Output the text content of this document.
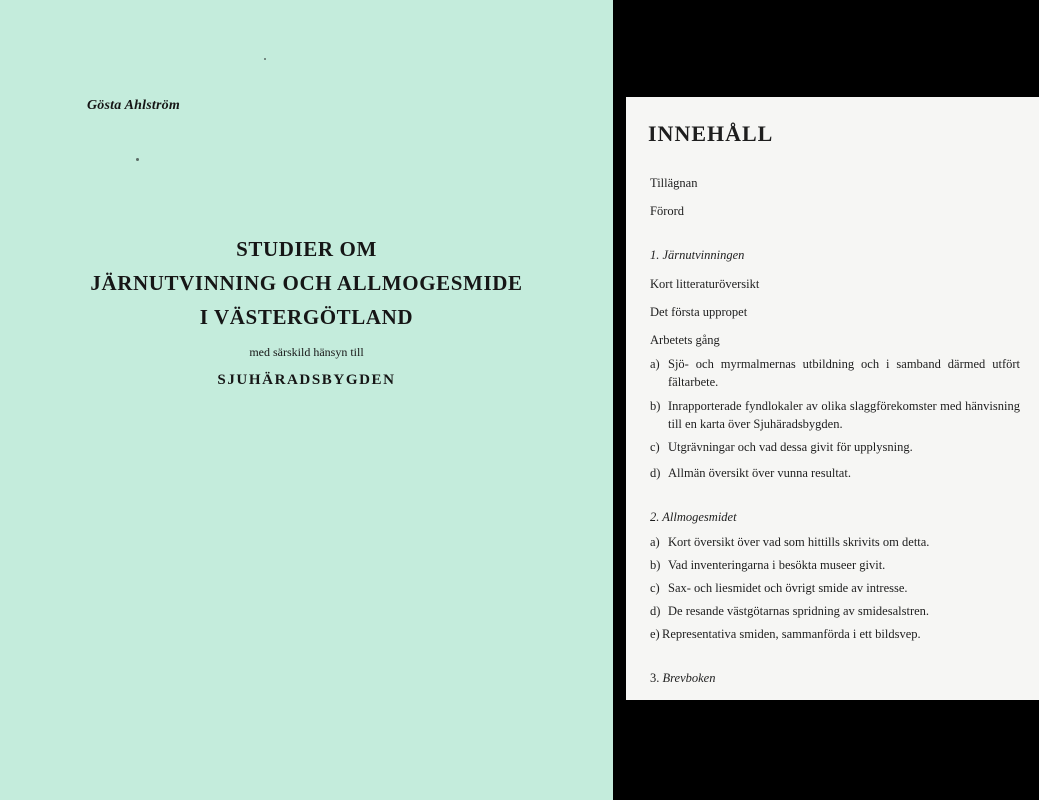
Gösta Ahlström
STUDIER OM
JÄRNUTVINNING OCH ALLMOGESMIDE
I VÄSTERGÖTLAND
med särskild hänsyn till
SJUHÄRADSBYGDEN
INNEHÅLL
Tillägnan
Förord
1. Järnutvinningen
Kort litteraturöversikt
Det första uppropet
Arbetets gång
a) Sjö- och myrmalmernas utbildning och i samband därmed utfört fältarbete.
b) Inrapporterade fyndlokaler av olika slaggförekomster med hänvisning till en karta över Sjuhäradsbygden.
c) Utgrävningar och vad dessa givit för upplysning.
d) Allmän översikt över vunna resultat.
2. Allmogesmidet
a) Kort översikt över vad som hittills skrivits om detta.
b) Vad inventeringarna i besökta museer givit.
c) Sax- och liesmidet och övrigt smide av intresse.
d) De resande västgötarnas spridning av smidesalstren.
e) Representativa smiden, sammanförda i ett bildsvep.
3. Brevboken
